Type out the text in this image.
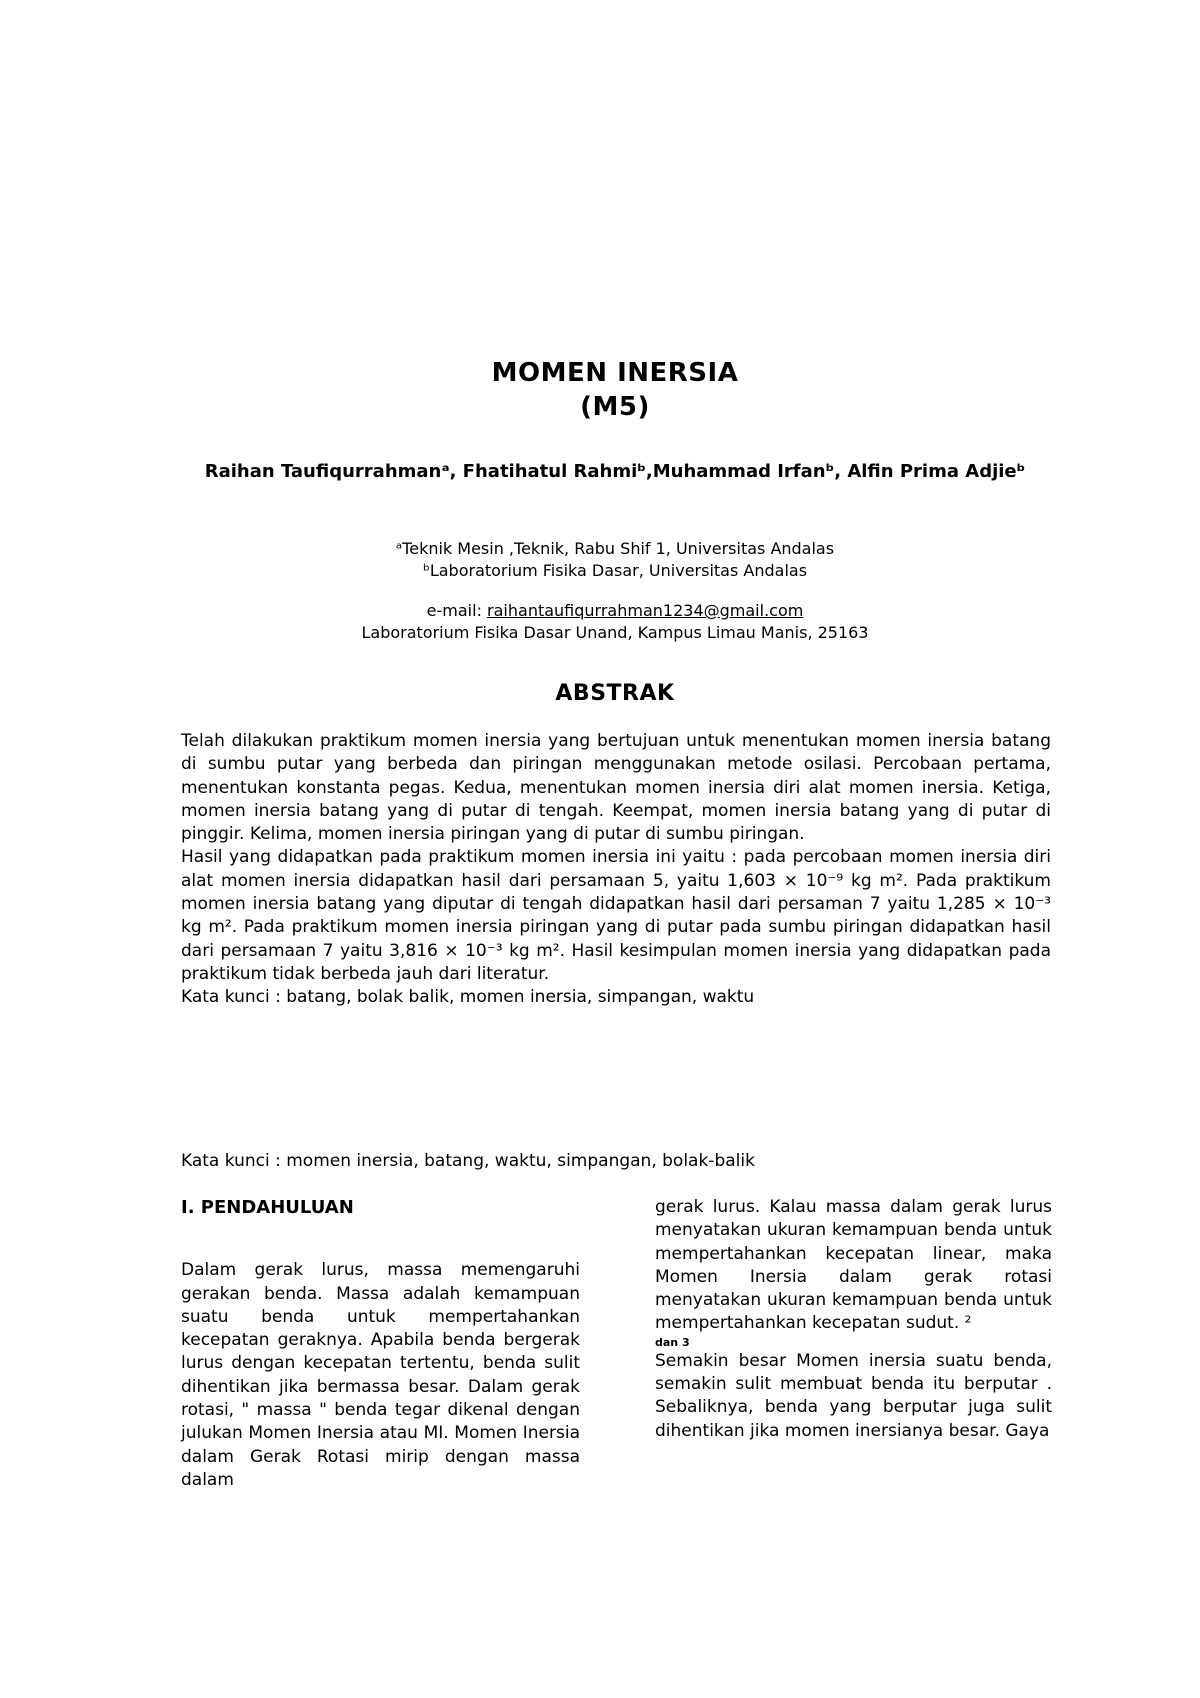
MOMEN INERSIA
(M5)
Raihan Taufiqurrahmanᵃ, Fhatihatul Rahmiᵇ,Muhammad Irfanᵇ, Alfin Prima Adjieᵇ
ᵃTeknik Mesin ,Teknik, Rabu Shif 1, Universitas Andalas
ᵇLaboratorium Fisika Dasar, Universitas Andalas
e-mail: raihantaufiqurrahman1234@gmail.com
Laboratorium Fisika Dasar Unand, Kampus Limau Manis, 25163
ABSTRAK

Telah dilakukan praktikum momen inersia yang bertujuan untuk menentukan momen inersia batang di sumbu putar yang berbeda dan piringan menggunakan metode osilasi. Percobaan pertama, menentukan konstanta pegas. Kedua, menentukan momen inersia diri alat momen inersia. Ketiga, momen inersia batang yang di putar di tengah. Keempat, momen inersia batang yang di putar di pinggir. Kelima, momen inersia piringan yang di putar di sumbu piringan.

Hasil yang didapatkan pada praktikum momen inersia ini yaitu : pada percobaan momen inersia diri alat momen inersia didapatkan hasil dari persamaan 5, yaitu 1,603 × 10⁻⁹ kg m². Pada praktikum momen inersia batang yang diputar di tengah didapatkan hasil dari persaman 7 yaitu 1,285 × 10⁻³ kg m². Pada praktikum momen inersia piringan yang di putar pada sumbu piringan didapatkan hasil dari persamaan 7 yaitu 3,816 × 10⁻³ kg m². Hasil kesimpulan momen inersia yang didapatkan pada praktikum tidak berbeda jauh dari literatur.

Kata kunci : batang, bolak balik, momen inersia, simpangan, waktu

Kata kunci : momen inersia, batang, waktu, simpangan, bolak-balik
I. PENDAHULUAN

Dalam gerak lurus, massa memengaruhi gerakan benda. Massa adalah kemampuan suatu benda untuk mempertahankan kecepatan geraknya. Apabila benda bergerak lurus dengan kecepatan tertentu, benda sulit dihentikan jika bermassa besar. Dalam gerak rotasi, " massa " benda tegar dikenal dengan julukan Momen Inersia atau MI. Momen Inersia dalam Gerak Rotasi mirip dengan massa dalam

gerak lurus. Kalau massa dalam gerak lurus menyatakan ukuran kemampuan benda untuk mempertahankan kecepatan linear, maka Momen Inersia dalam gerak rotasi menyatakan ukuran kemampuan benda untuk mempertahankan kecepatan sudut. ²

dan 3

Semakin besar Momen inersia suatu benda, semakin sulit membuat benda itu berputar . Sebaliknya, benda yang berputar juga sulit dihentikan jika momen inersianya besar. Gaya
